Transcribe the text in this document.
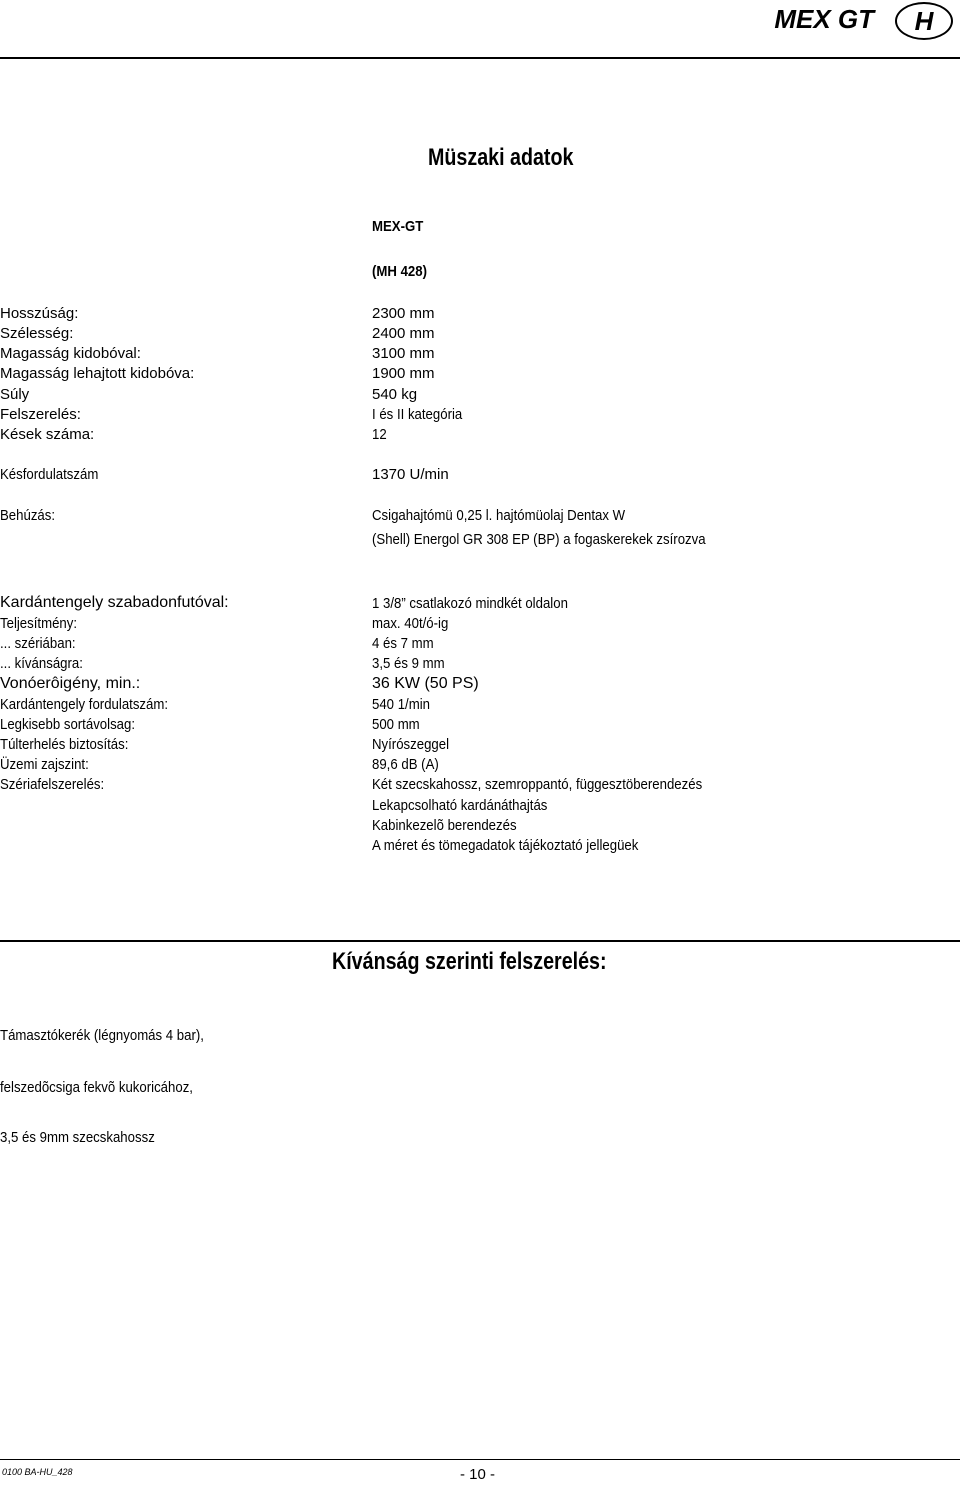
MEX GT	H
Müszaki adatok
MEX-GT
(MH 428)
Hosszúság:	2300 mm
Szélesség:	2400 mm
Magasság kidobóval:	3100 mm
Magasság lehajtott kidobóva:	1900 mm
Súly	540 kg
Felszerelés:	I és II kategória
Kések száma:	12
Késfordulatszám	1370 U/min
Behúzás:	Csigahajtómü 0,25 l. hajtómüolaj Dentax W
(Shell) Energol GR 308 EP (BP) a fogaskerekek zsírozva
Kardántengely szabadonfutóval:	1 3/8” csatlakozó mindkét oldalon
Teljesítmény:	max. 40t/ó-ig
... szériában:	4 és 7 mm
... kívánságra:	3,5 és 9 mm
Vonóerôigény, min.:	36 KW (50 PS)
Kardántengely fordulatszám:	540 1/min
Legkisebb sortávolsag:	500 mm
Túlterhelés biztosítás:	Nyírószeggel
Üzemi zajszint:	89,6 dB (A)
Szériafelszerelés:	Két szecskahossz, szemroppantó, függesztöberendezés
Lekapcsolható kardánáthajtás
Kabinkezelõ berendezés
A méret és tömegadatok tájékoztató jellegüek
Kívánság szerinti felszerelés:
Támasztókerék (légnyomás 4 bar),
felszedõcsiga fekvõ kukoricához,
3,5 és 9mm szecskahossz
0100 BA-HU_428	- 10 -
